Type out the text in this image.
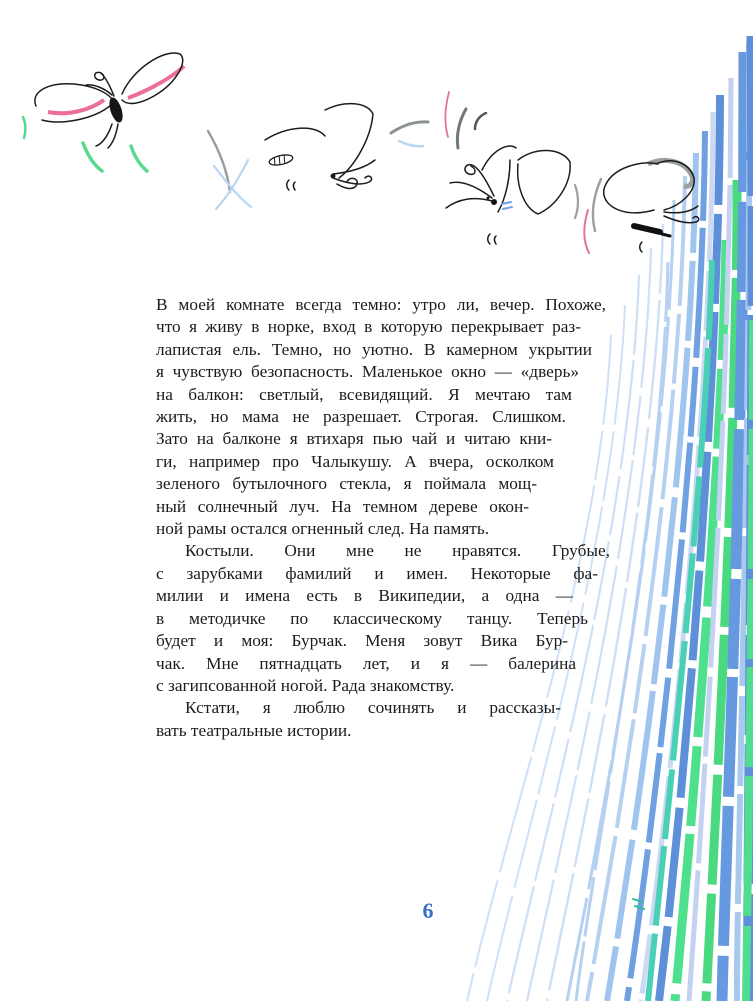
В моей комнате всегда темно: утро ли, вечер. Похоже,
что я живу в норке, вход в которую перекрывает раз-
лапистая ель. Темно, но уютно. В камерном укрытии
я чувствую безопасность. Маленькое окно — «дверь»
на балкон: светлый, всевидящий. Я мечтаю там
жить, но мама не разрешает. Строгая. Слишком.
Зато на балконе я втихаря пью чай и читаю кни-
ги, например про Чалыкушу. А вчера, осколком
зеленого бутылочного стекла, я поймала мощ-
ный солнечный луч. На темном дереве окон-
ной рамы остался огненный след. На память.
Костыли. Они мне не нравятся. Грубые,
с зарубками фамилий и имен. Некоторые фа-
милии и имена есть в Википедии, а одна —
в методичке по классическому танцу. Теперь
будет и моя: Бурчак. Меня зовут Вика Бур-
чак. Мне пятнадцать лет, и я — балерина
с загипсованной ногой. Рада знакомству.
Кстати, я люблю сочинять и рассказы-
вать театральные истории.
6
